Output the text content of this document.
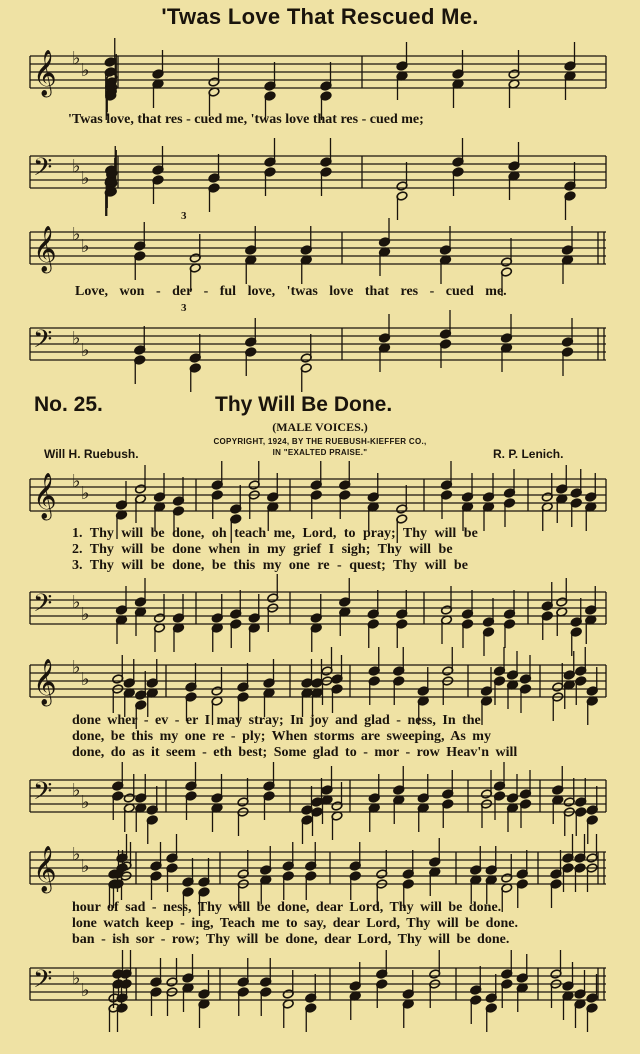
'Twas Love That Rescued Me.
𝄞 ♭
♭
𝄢 ♭
♭
𝄞 ♭
♭
𝄢 ♭
♭
𝄞 ♭
♭
𝄢 ♭
♭
𝄞 ♭
♭
𝄢 ♭
♭
𝄞 ♭
♭
𝄢 ♭
♭
'Twas love, that res - cued me, 'twas love that res - cued me;
Love, won - der - ful love, 'twas love that res - cued me.
3
3
No. 25.	Thy Will Be Done.
(MALE VOICES.)
COPYRIGHT, 1924, BY THE RUEBUSH-KIEFFER CO.,
IN "EXALTED PRAISE."
Will H. Ruebush.	R. P. Lenich.
1. Thy will be done, oh teach me, Lord, to pray; Thy will be
2. Thy will be done when in my grief I sigh; Thy will be
3. Thy will be done, be this my one re - quest; Thy will be
done wher - ev - er I may stray; In joy and glad - ness, In the
done, be this my one re - ply; When storms are sweeping, As my
done, do as it seem - eth best; Some glad to - mor - row Heav'n will
hour of sad - ness, Thy will be done, dear Lord, Thy will be done.
lone watch keep - ing, Teach me to say, dear Lord, Thy will be done.
ban - ish sor - row; Thy will be done, dear Lord, Thy will be done.
